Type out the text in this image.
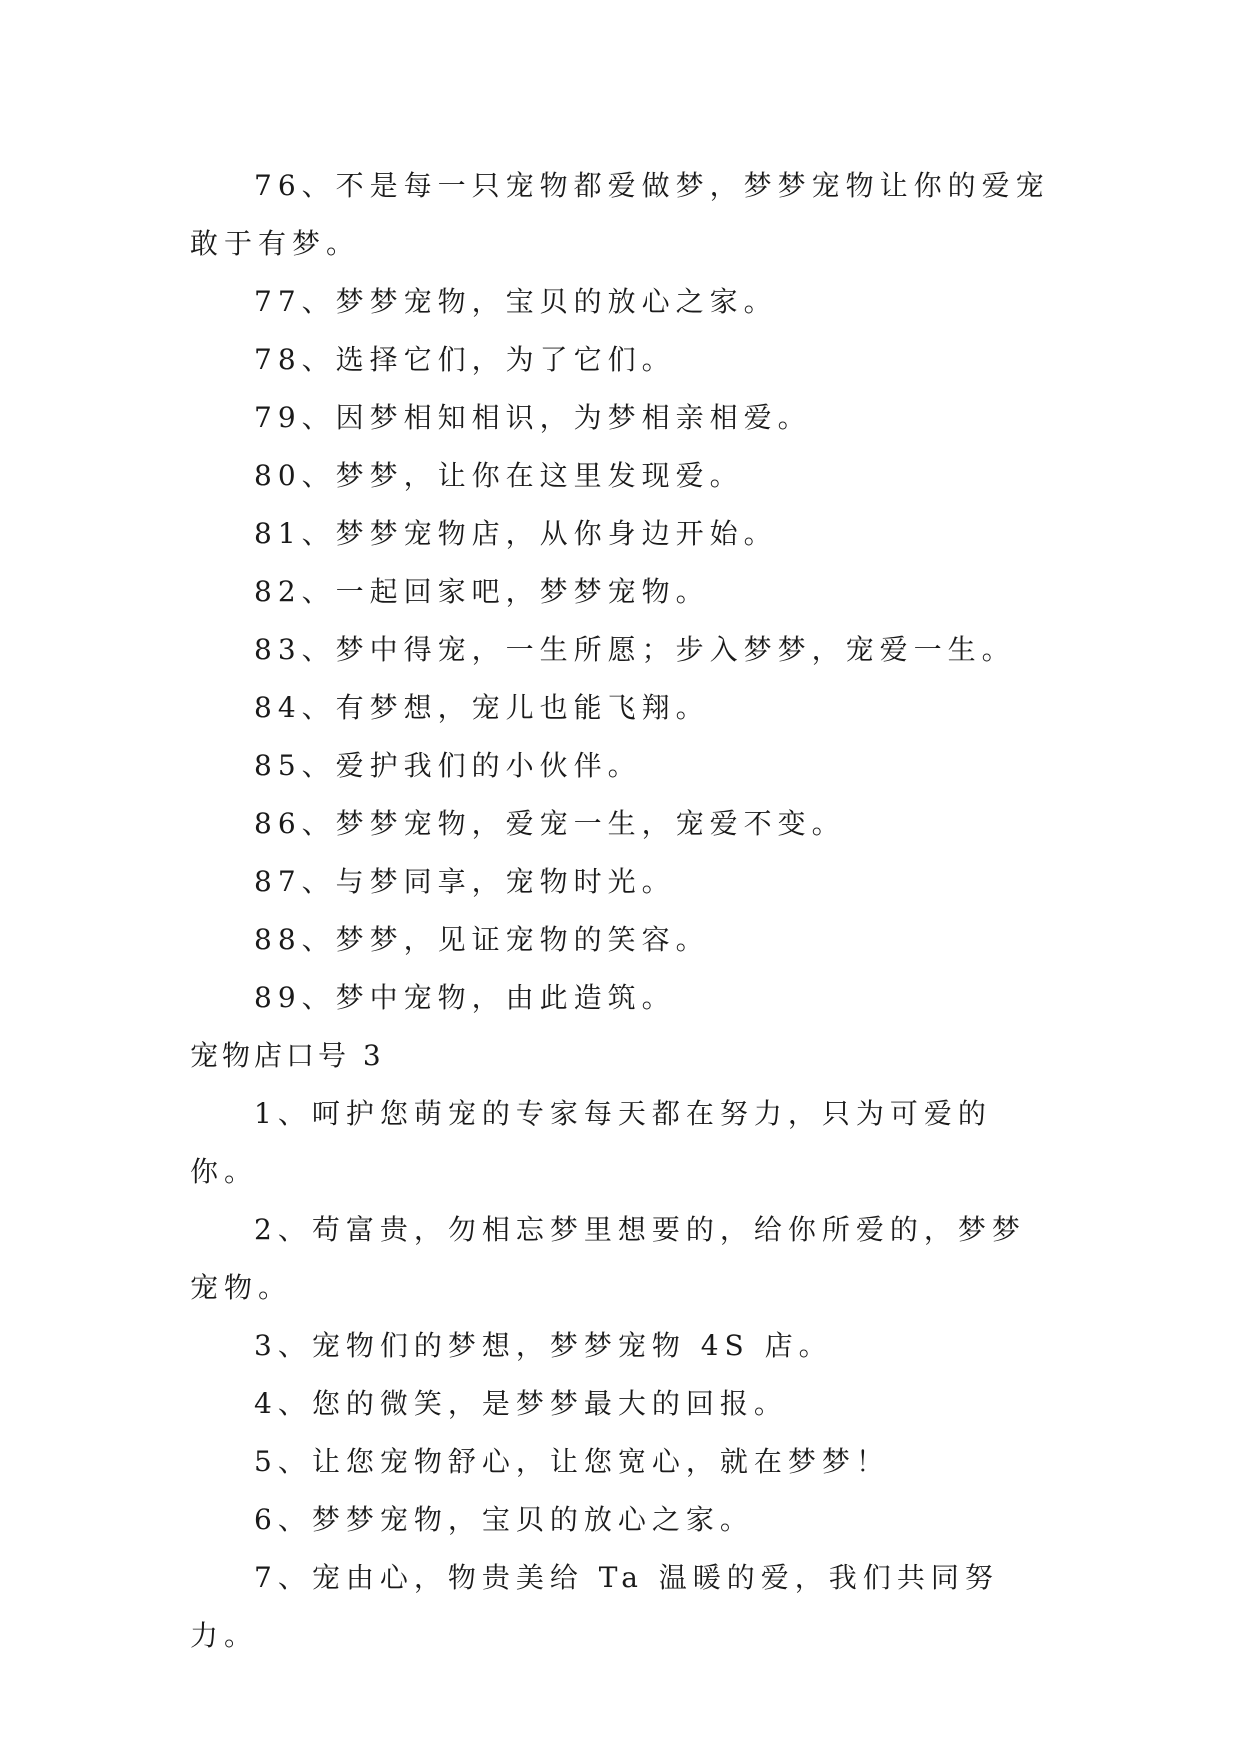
76、不是每一只宠物都爱做梦，梦梦宠物让你的爱宠敢于有梦。

77、梦梦宠物，宝贝的放心之家。

78、选择它们，为了它们。

79、因梦相知相识，为梦相亲相爱。

80、梦梦，让你在这里发现爱。

81、梦梦宠物店，从你身边开始。

82、一起回家吧，梦梦宠物。

83、梦中得宠，一生所愿；步入梦梦，宠爱一生。

84、有梦想，宠儿也能飞翔。

85、爱护我们的小伙伴。

86、梦梦宠物，爱宠一生，宠爱不变。

87、与梦同享，宠物时光。

88、梦梦，见证宠物的笑容。

89、梦中宠物，由此造筑。

宠物店口号 3

1、呵护您萌宠的专家每天都在努力，只为可爱的你。

2、苟富贵，勿相忘梦里想要的，给你所爱的，梦梦宠物。

3、宠物们的梦想，梦梦宠物 4S 店。

4、您的微笑，是梦梦最大的回报。

5、让您宠物舒心，让您宽心，就在梦梦！

6、梦梦宠物，宝贝的放心之家。

7、宠由心，物贵美给 Ta 温暖的爱，我们共同努力。
